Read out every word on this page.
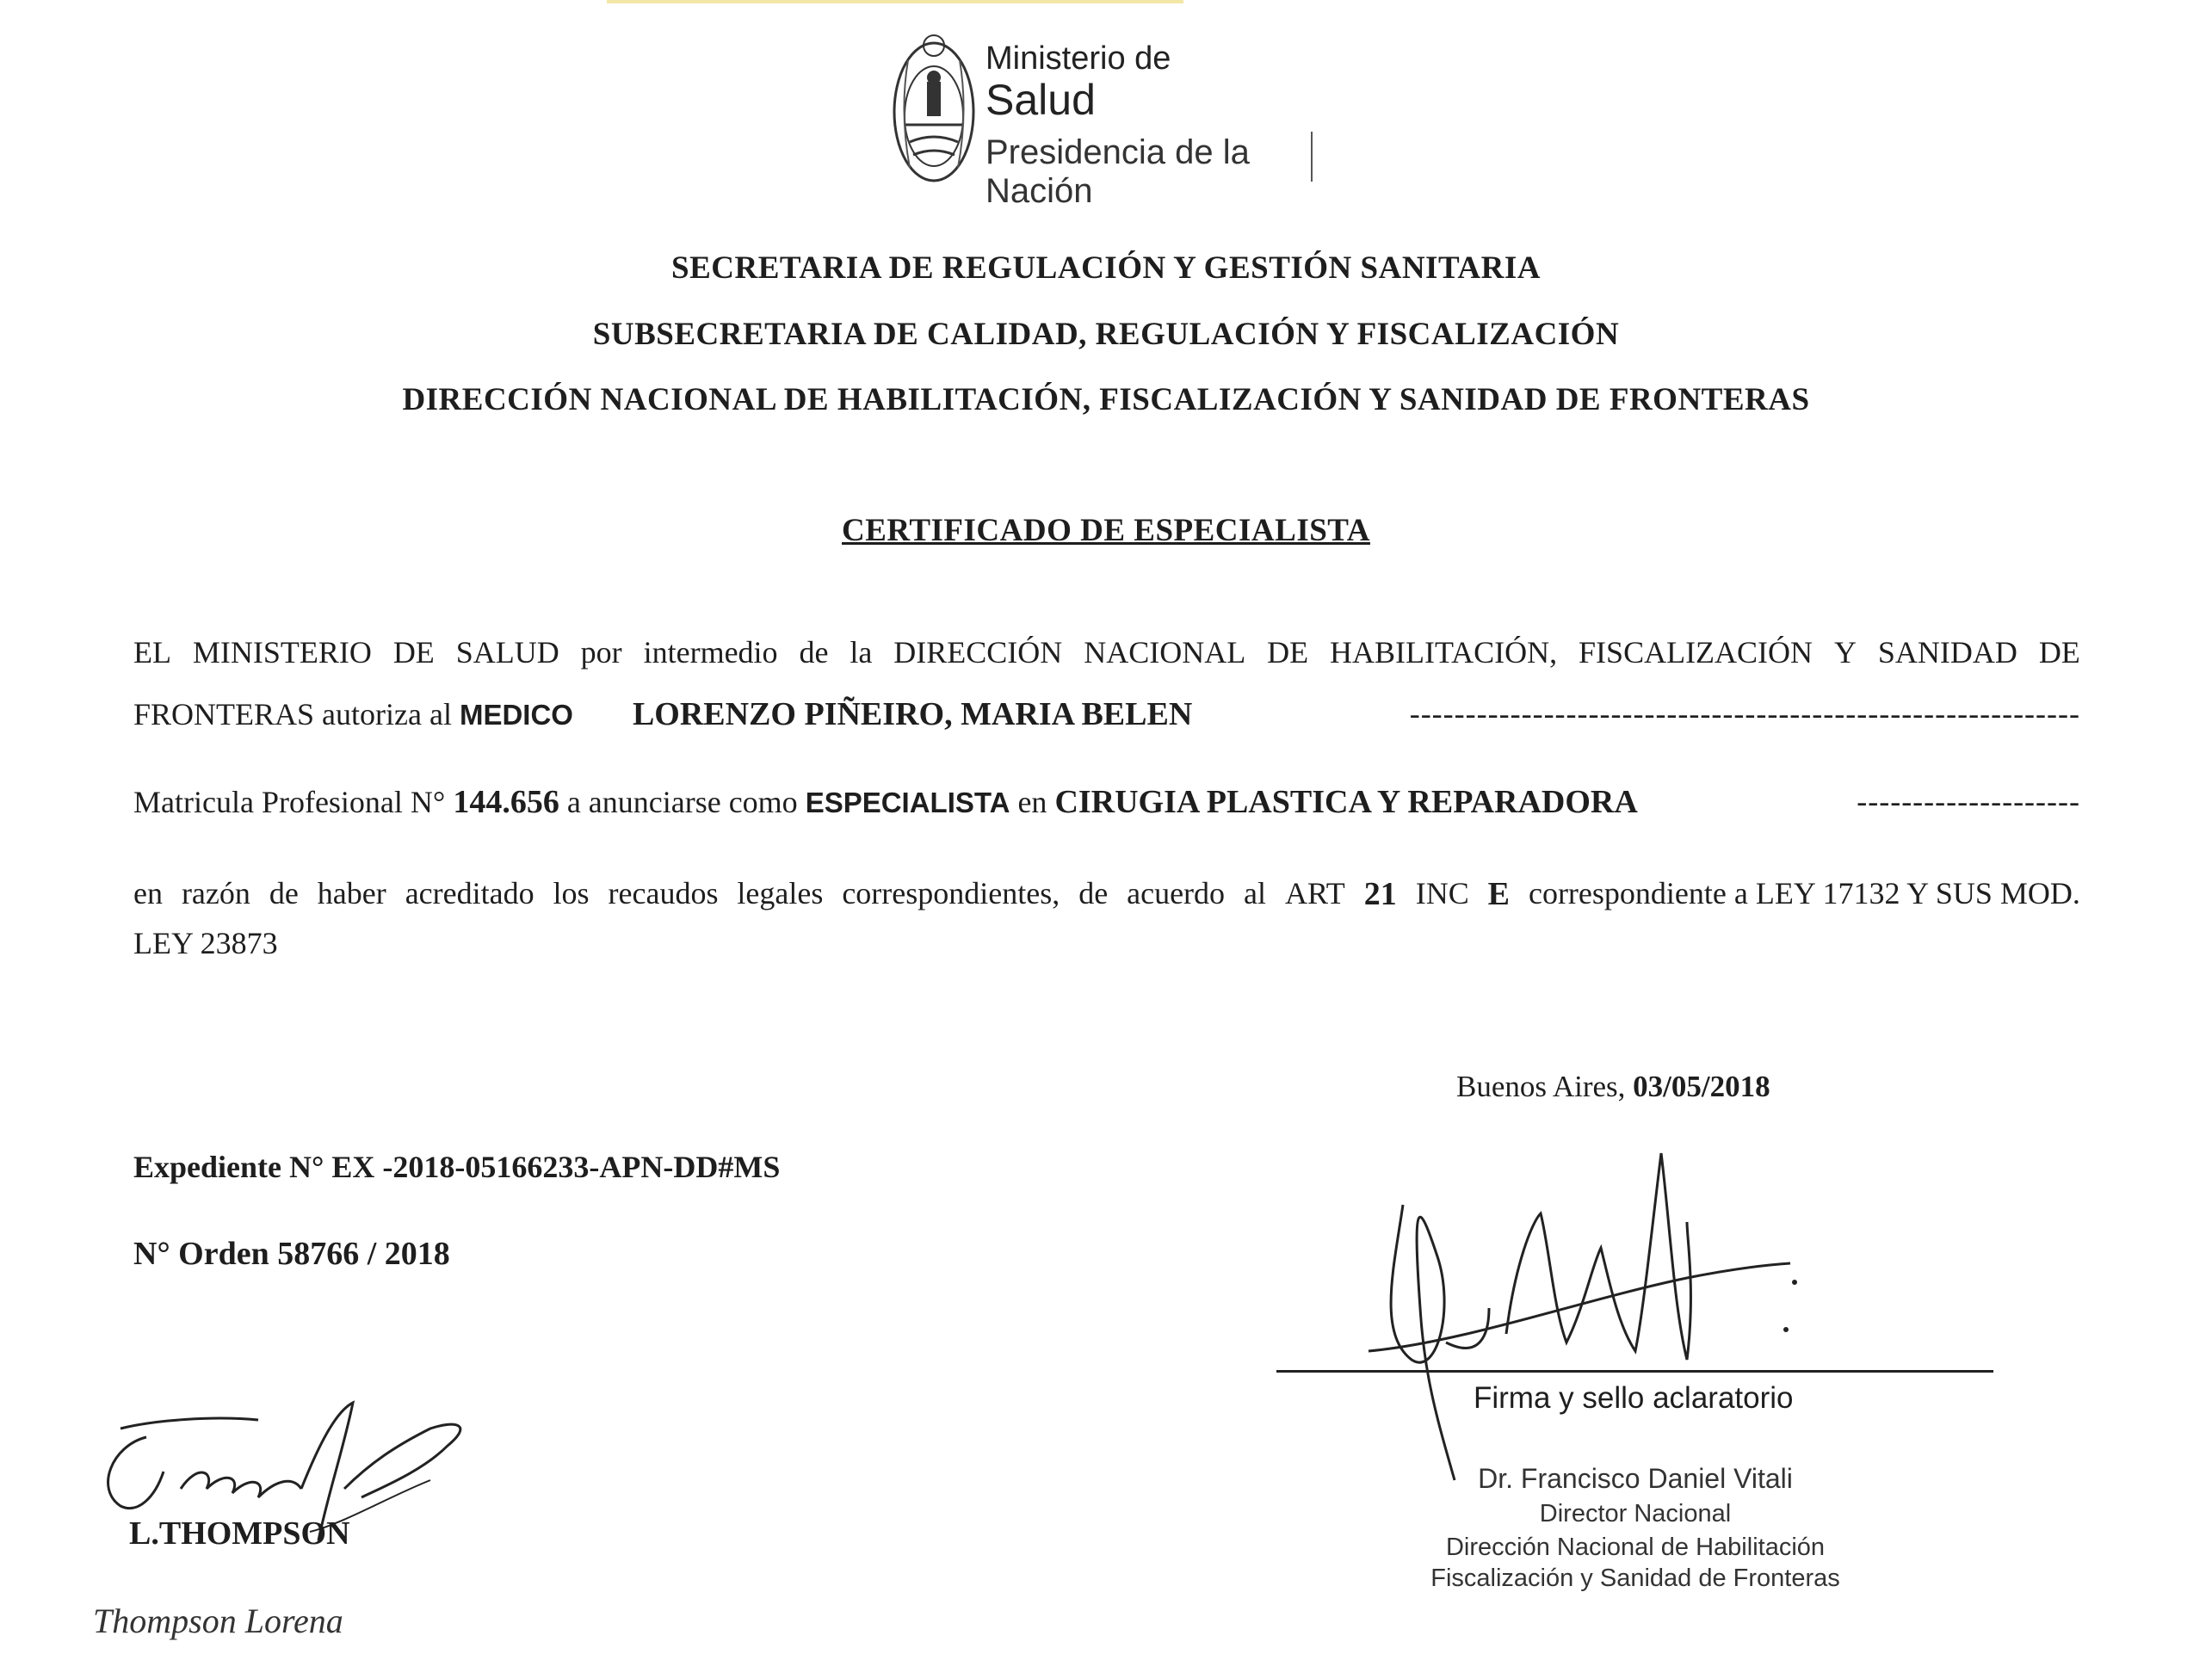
Ministerio de
Salud
Presidencia de la Nación
SECRETARIA DE REGULACIÓN Y GESTIÓN SANITARIA
SUBSECRETARIA DE CALIDAD, REGULACIÓN Y FISCALIZACIÓN
DIRECCIÓN NACIONAL DE HABILITACIÓN, FISCALIZACIÓN Y SANIDAD DE FRONTERAS
CERTIFICADO DE ESPECIALISTA
EL MINISTERIO DE SALUD por intermedio de la DIRECCIÓN NACIONAL DE HABILITACIÓN, FISCALIZACIÓN Y SANIDAD DE
FRONTERAS autoriza al MEDICO LORENZO PIÑEIRO, MARIA BELEN	------------------------------------------------------------
Matricula Profesional N° 144.656 a anunciarse como ESPECIALISTA en CIRUGIA PLASTICA Y REPARADORA	--------------------
en razón de haber acreditado los recaudos legales correspondientes, de acuerdo al ART 21 INC E correspondiente a LEY 17132 Y SUS MOD.
LEY 23873
Buenos Aires, 03/05/2018
Expediente N° EX -2018-05166233-APN-DD#MS
N° Orden 58766 / 2018
Firma y sello aclaratorio
Dr. Francisco Daniel Vitali
Director Nacional
Dirección Nacional de Habilitación
Fiscalización y Sanidad de Fronteras
L.THOMPSON
Thompson Lorena
